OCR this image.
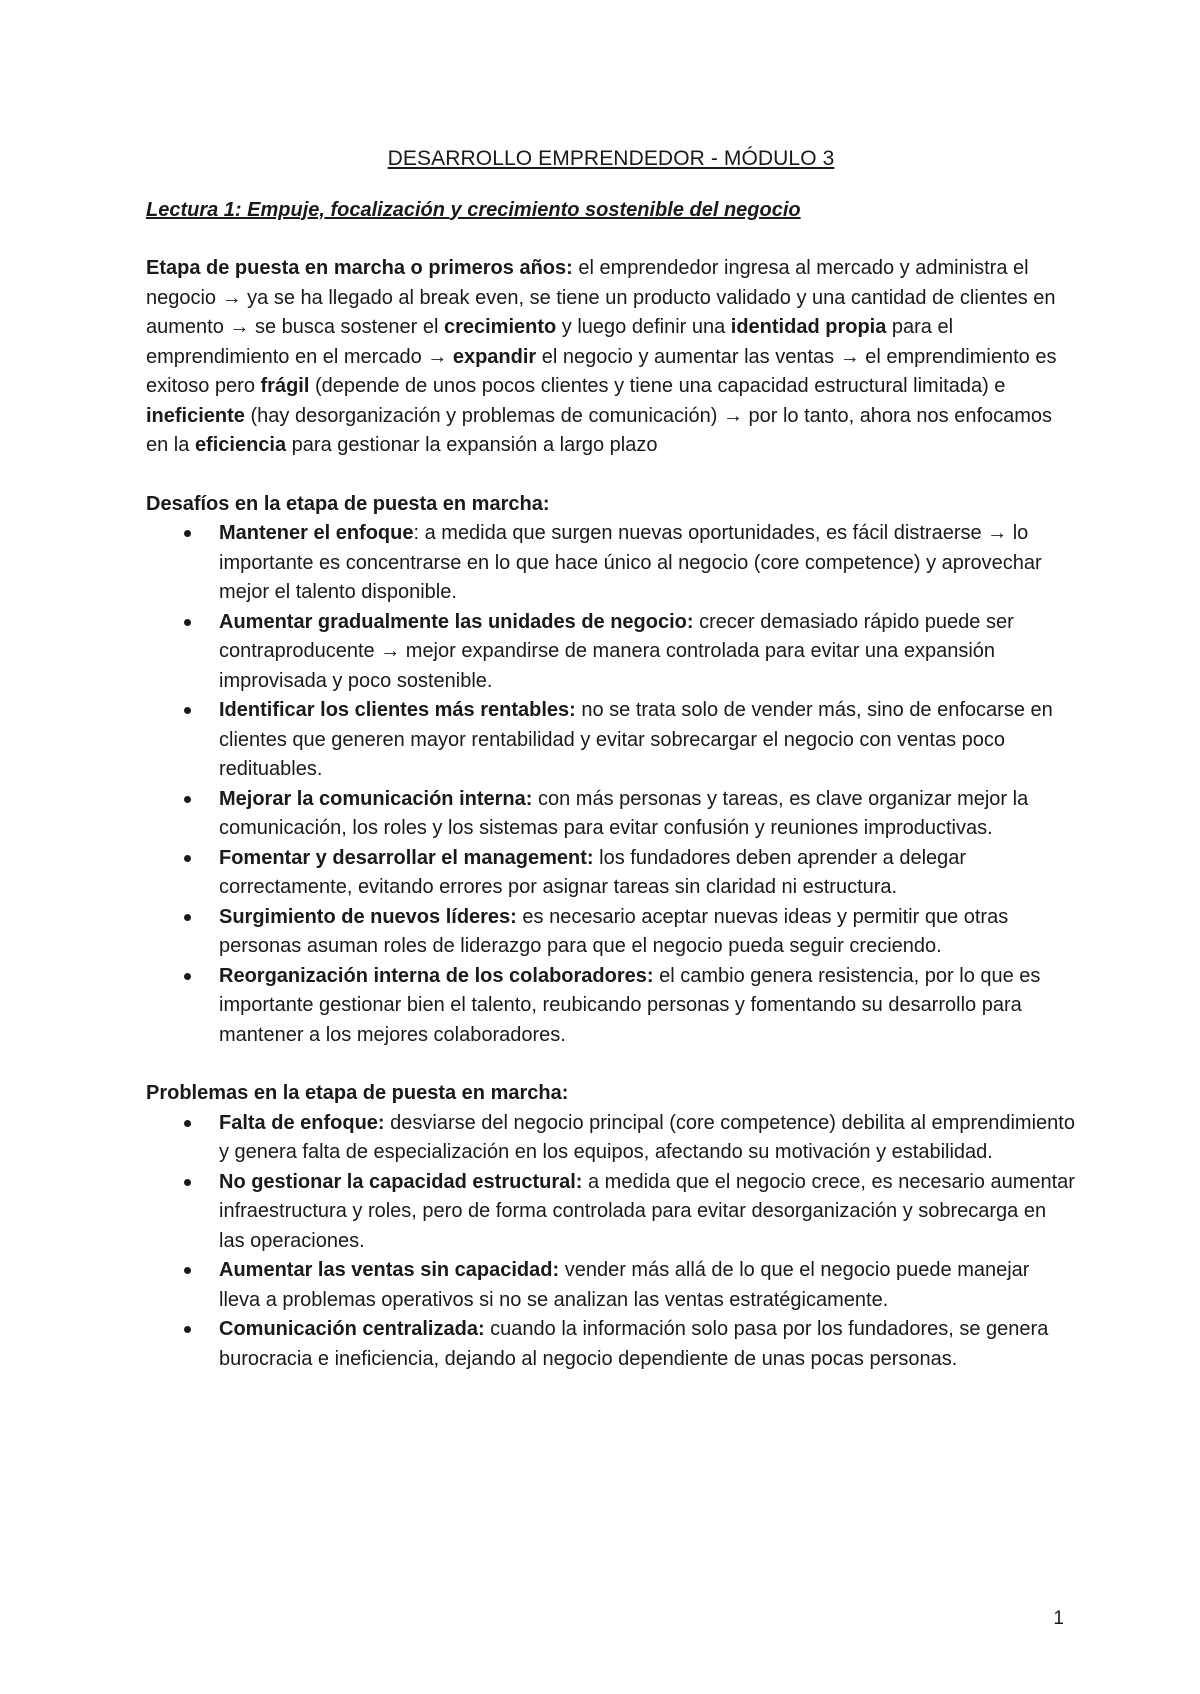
DESARROLLO EMPRENDEDOR - MÓDULO 3
Lectura 1: Empuje, focalización y crecimiento sostenible del negocio

Etapa de puesta en marcha o primeros años: el emprendedor ingresa al mercado y administra el negocio → ya se ha llegado al break even, se tiene un producto validado y una cantidad de clientes en aumento → se busca sostener el crecimiento y luego definir una identidad propia para el emprendimiento en el mercado → expandir el negocio y aumentar las ventas → el emprendimiento es exitoso pero frágil (depende de unos pocos clientes y tiene una capacidad estructural limitada) e ineficiente (hay desorganización y problemas de comunicación) → por lo tanto, ahora nos enfocamos en la eficiencia para gestionar la expansión a largo plazo

Desafíos en la etapa de puesta en marcha:
Mantener el enfoque: a medida que surgen nuevas oportunidades, es fácil distraerse → lo importante es concentrarse en lo que hace único al negocio (core competence) y aprovechar mejor el talento disponible.
Aumentar gradualmente las unidades de negocio: crecer demasiado rápido puede ser contraproducente → mejor expandirse de manera controlada para evitar una expansión improvisada y poco sostenible.
Identificar los clientes más rentables: no se trata solo de vender más, sino de enfocarse en clientes que generen mayor rentabilidad y evitar sobrecargar el negocio con ventas poco redituables.
Mejorar la comunicación interna: con más personas y tareas, es clave organizar mejor la comunicación, los roles y los sistemas para evitar confusión y reuniones improductivas.
Fomentar y desarrollar el management: los fundadores deben aprender a delegar correctamente, evitando errores por asignar tareas sin claridad ni estructura.
Surgimiento de nuevos líderes: es necesario aceptar nuevas ideas y permitir que otras personas asuman roles de liderazgo para que el negocio pueda seguir creciendo.
Reorganización interna de los colaboradores: el cambio genera resistencia, por lo que es importante gestionar bien el talento, reubicando personas y fomentando su desarrollo para mantener a los mejores colaboradores.
Problemas en la etapa de puesta en marcha:
Falta de enfoque: desviarse del negocio principal (core competence) debilita al emprendimiento y genera falta de especialización en los equipos, afectando su motivación y estabilidad.
No gestionar la capacidad estructural: a medida que el negocio crece, es necesario aumentar infraestructura y roles, pero de forma controlada para evitar desorganización y sobrecarga en las operaciones.
Aumentar las ventas sin capacidad: vender más allá de lo que el negocio puede manejar lleva a problemas operativos si no se analizan las ventas estratégicamente.
Comunicación centralizada: cuando la información solo pasa por los fundadores, se genera burocracia e ineficiencia, dejando al negocio dependiente de unas pocas personas.
1
